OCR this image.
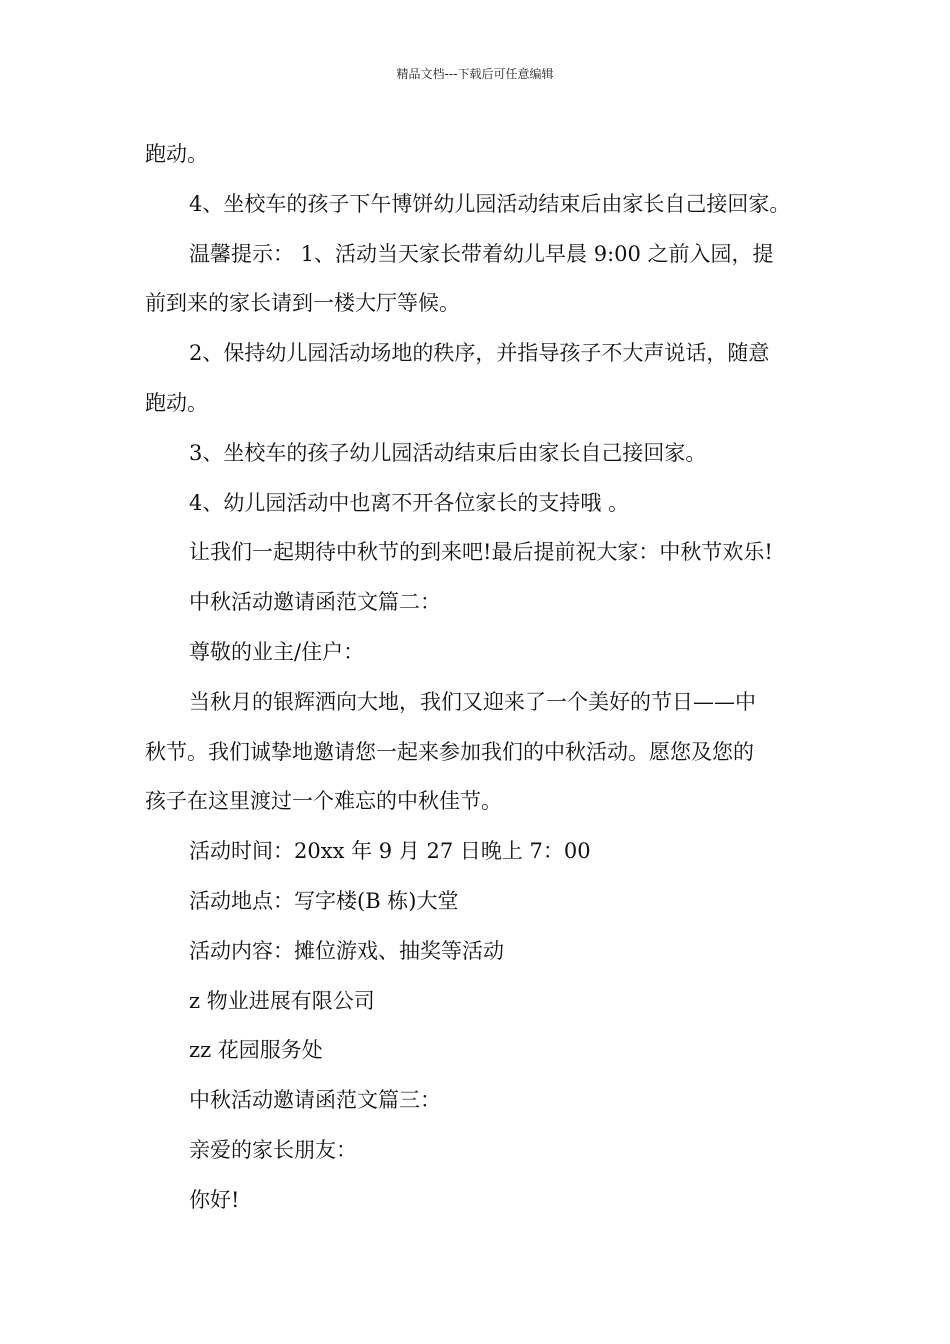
精品文档---下载后可任意编辑

跑动。

4、坐校车的孩子下午博饼幼儿园活动结束后由家长自己接回家。

温馨提示： 1、活动当天家长带着幼儿早晨 9:00 之前入园，提

前到来的家长请到一楼大厅等候。

2、保持幼儿园活动场地的秩序，并指导孩子不大声说话，随意

跑动。

3、坐校车的孩子幼儿园活动结束后由家长自己接回家。

4、幼儿园活动中也离不开各位家长的支持哦 。

让我们一起期待中秋节的到来吧!最后提前祝大家：中秋节欢乐!

中秋活动邀请函范文篇二：

尊敬的业主/住户：

当秋月的银辉洒向大地，我们又迎来了一个美好的节日——中

秋节。我们诚挚地邀请您一起来参加我们的中秋活动。愿您及您的

孩子在这里渡过一个难忘的中秋佳节。

活动时间：20xx 年 9 月 27 日晚上 7：00

活动地点：写字楼(B 栋)大堂

活动内容：摊位游戏、抽奖等活动

z 物业进展有限公司

zz 花园服务处

中秋活动邀请函范文篇三：

亲爱的家长朋友：

你好!
